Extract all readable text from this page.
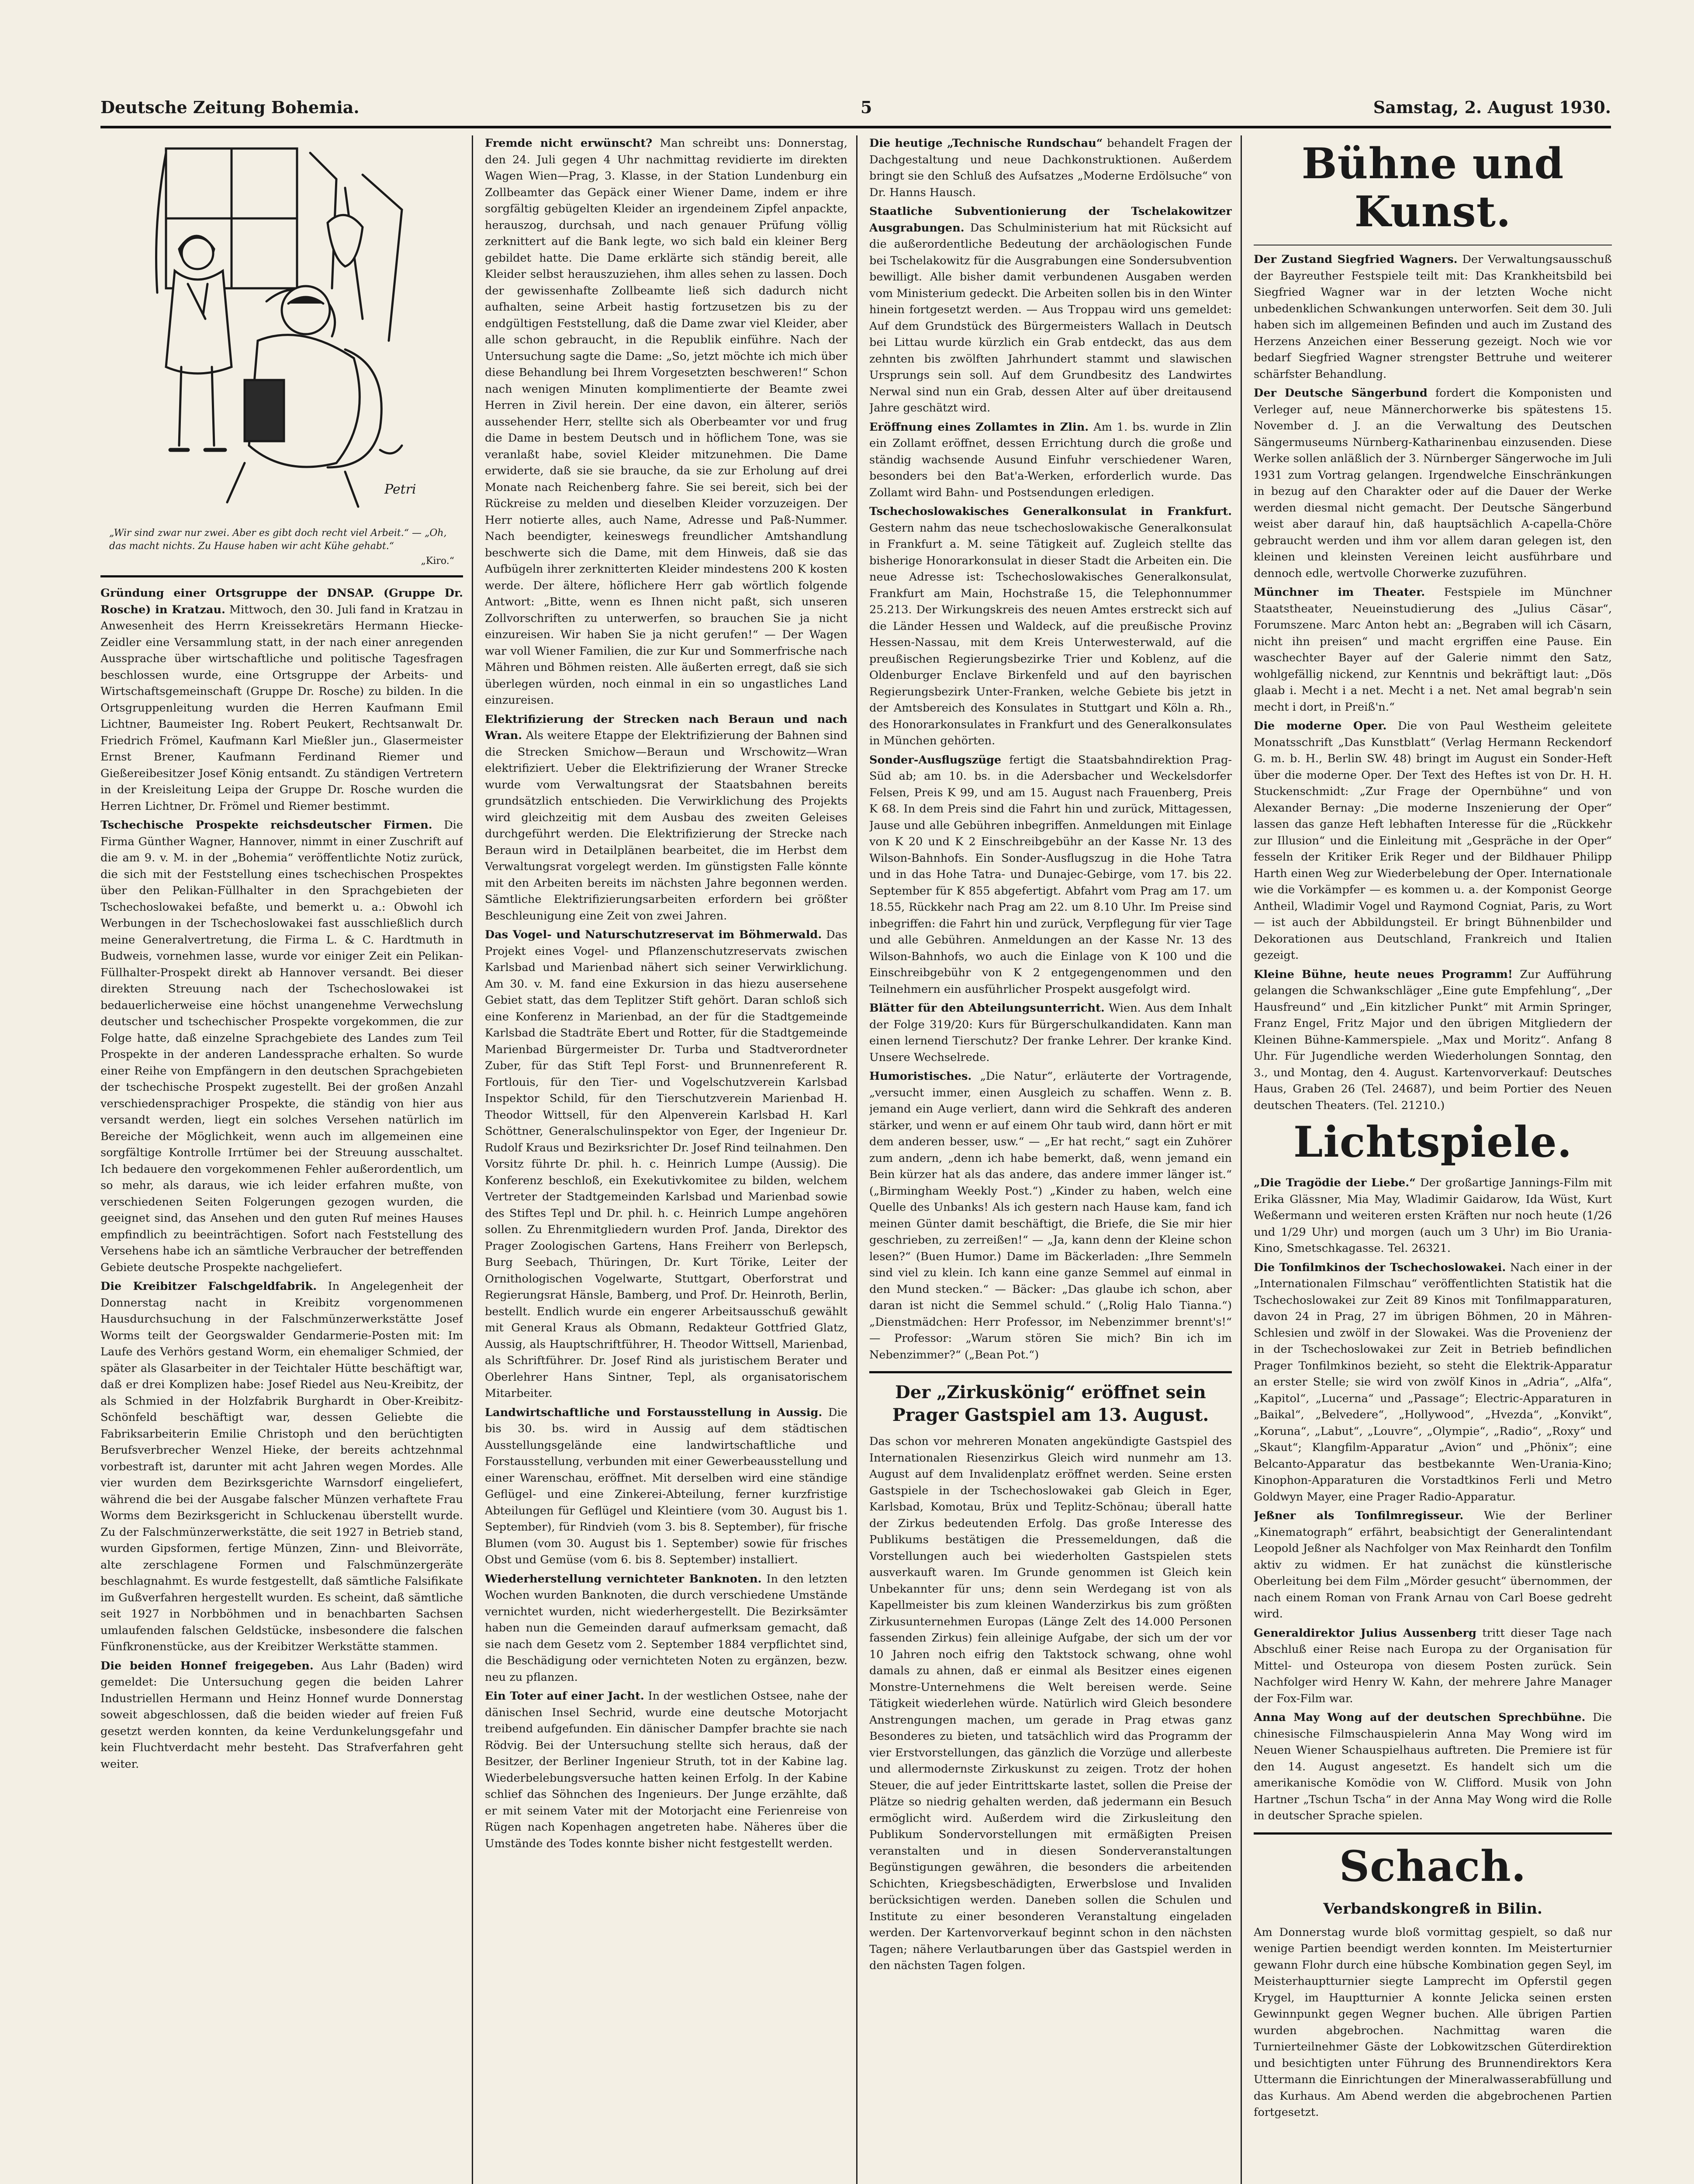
Deutsche Zeitung Bohemia.	5	Samstag, 2. August 1930.
Petri
„Wir sind zwar nur zwei. Aber es gibt doch recht viel Arbeit.“ — „Oh, das macht nichts. Zu Hause haben wir acht Kühe gehabt.“
„Kiro.“

Gründung einer Ortsgruppe der DNSAP. (Gruppe Dr. Rosche) in Kratzau. Mittwoch, den 30. Juli fand in Kratzau in Anwesenheit des Herrn Kreissekretärs Hermann Hiecke-Zeidler eine Versammlung statt, in der nach einer anregenden Aussprache über wirtschaftliche und politische Tagesfragen beschlossen wurde, eine Ortsgruppe der Arbeits- und Wirtschaftsgemeinschaft (Gruppe Dr. Rosche) zu bilden. In die Ortsgruppenleitung wurden die Herren Kaufmann Emil Lichtner, Baumeister Ing. Robert Peukert, Rechtsanwalt Dr. Friedrich Frömel, Kaufmann Karl Mießler jun., Glasermeister Ernst Brener, Kaufmann Ferdinand Riemer und Gießereibesitzer Josef König entsandt. Zu ständigen Vertretern in der Kreisleitung Leipa der Gruppe Dr. Rosche wurden die Herren Lichtner, Dr. Frömel und Riemer bestimmt.

Tschechische Prospekte reichsdeutscher Firmen. Die Firma Günther Wagner, Hannover, nimmt in einer Zuschrift auf die am 9. v. M. in der „Bohemia“ veröffentlichte Notiz zurück, die sich mit der Feststellung eines tschechischen Prospektes über den Pelikan-Füllhalter in den Sprachgebieten der Tschechoslowakei befaßte, und bemerkt u. a.: Obwohl ich Werbungen in der Tschechoslowakei fast ausschließlich durch meine Generalvertretung, die Firma L. & C. Hardtmuth in Budweis, vornehmen lasse, wurde vor einiger Zeit ein Pelikan-Füllhalter-Prospekt direkt ab Hannover versandt. Bei dieser direkten Streuung nach der Tschechoslowakei ist bedauerlicherweise eine höchst unangenehme Verwechslung deutscher und tschechischer Prospekte vorgekommen, die zur Folge hatte, daß einzelne Sprachgebiete des Landes zum Teil Prospekte in der anderen Landessprache erhalten. So wurde einer Reihe von Empfängern in den deutschen Sprachgebieten der tschechische Prospekt zugestellt. Bei der großen Anzahl verschiedensprachiger Prospekte, die ständig von hier aus versandt werden, liegt ein solches Versehen natürlich im Bereiche der Möglichkeit, wenn auch im allgemeinen eine sorgfältige Kontrolle Irrtümer bei der Streuung ausschaltet. Ich bedauere den vorgekommenen Fehler außerordentlich, um so mehr, als daraus, wie ich leider erfahren mußte, von verschiedenen Seiten Folgerungen gezogen wurden, die geeignet sind, das Ansehen und den guten Ruf meines Hauses empfindlich zu beeinträchtigen. Sofort nach Feststellung des Versehens habe ich an sämtliche Verbraucher der betreffenden Gebiete deutsche Prospekte nachgeliefert.

Die Kreibitzer Falschgeldfabrik. In Angelegenheit der Donnerstag nacht in Kreibitz vorgenommenen Hausdurchsuchung in der Falschmünzerwerkstätte Josef Worms teilt der Georgswalder Gendarmerie-Posten mit: Im Laufe des Verhörs gestand Worm, ein ehemaliger Schmied, der später als Glasarbeiter in der Teichtaler Hütte beschäftigt war, daß er drei Komplizen habe: Josef Riedel aus Neu-Kreibitz, der als Schmied in der Holzfabrik Burghardt in Ober-Kreibitz-Schönfeld beschäftigt war, dessen Geliebte die Fabriksarbeiterin Emilie Christoph und den berüchtigten Berufsverbrecher Wenzel Hieke, der bereits achtzehnmal vorbestraft ist, darunter mit acht Jahren wegen Mordes. Alle vier wurden dem Bezirksgerichte Warnsdorf eingeliefert, während die bei der Ausgabe falscher Münzen verhaftete Frau Worms dem Bezirksgericht in Schluckenau überstellt wurde. Zu der Falschmünzerwerkstätte, die seit 1927 in Betrieb stand, wurden Gipsformen, fertige Münzen, Zinn- und Bleivorräte, alte zerschlagene Formen und Falschmünzergeräte beschlagnahmt. Es wurde festgestellt, daß sämtliche Falsifikate im Gußverfahren hergestellt wurden. Es scheint, daß sämtliche seit 1927 in Norbböhmen und in benachbarten Sachsen umlaufenden falschen Geldstücke, insbesondere die falschen Fünfkronenstücke, aus der Kreibitzer Werkstätte stammen.

Die beiden Honnef freigegeben. Aus Lahr (Baden) wird gemeldet: Die Untersuchung gegen die beiden Lahrer Industriellen Hermann und Heinz Honnef wurde Donnerstag soweit abgeschlossen, daß die beiden wieder auf freien Fuß gesetzt werden konnten, da keine Verdunkelungsgefahr und kein Fluchtverdacht mehr besteht. Das Strafverfahren geht weiter.

Fremde nicht erwünscht? Man schreibt uns: Donnerstag, den 24. Juli gegen 4 Uhr nachmittag revidierte im direkten Wagen Wien—Prag, 3. Klasse, in der Station Lundenburg ein Zollbeamter das Gepäck einer Wiener Dame, indem er ihre sorgfältig gebügelten Kleider an irgendeinem Zipfel anpackte, herauszog, durchsah, und nach genauer Prüfung völlig zerknittert auf die Bank legte, wo sich bald ein kleiner Berg gebildet hatte. Die Dame erklärte sich ständig bereit, alle Kleider selbst herauszuziehen, ihm alles sehen zu lassen. Doch der gewissenhafte Zollbeamte ließ sich dadurch nicht aufhalten, seine Arbeit hastig fortzusetzen bis zu der endgültigen Feststellung, daß die Dame zwar viel Kleider, aber alle schon gebraucht, in die Republik einführe. Nach der Untersuchung sagte die Dame: „So, jetzt möchte ich mich über diese Behandlung bei Ihrem Vorgesetzten beschweren!“ Schon nach wenigen Minuten komplimentierte der Beamte zwei Herren in Zivil herein. Der eine davon, ein älterer, seriös aussehender Herr, stellte sich als Oberbeamter vor und frug die Dame in bestem Deutsch und in höflichem Tone, was sie veranlaßt habe, soviel Kleider mitzunehmen. Die Dame erwiderte, daß sie sie brauche, da sie zur Erholung auf drei Monate nach Reichenberg fahre. Sie sei bereit, sich bei der Rückreise zu melden und dieselben Kleider vorzuzeigen. Der Herr notierte alles, auch Name, Adresse und Paß-Nummer. Nach beendigter, keineswegs freundlicher Amtshandlung beschwerte sich die Dame, mit dem Hinweis, daß sie das Aufbügeln ihrer zerknitterten Kleider mindestens 200 K kosten werde. Der ältere, höflichere Herr gab wörtlich folgende Antwort: „Bitte, wenn es Ihnen nicht paßt, sich unseren Zollvorschriften zu unterwerfen, so brauchen Sie ja nicht einzureisen. Wir haben Sie ja nicht gerufen!“ — Der Wagen war voll Wiener Familien, die zur Kur und Sommerfrische nach Mähren und Böhmen reisten. Alle äußerten erregt, daß sie sich überlegen würden, noch einmal in ein so ungastliches Land einzureisen.

Elektrifizierung der Strecken nach Beraun und nach Wran. Als weitere Etappe der Elektrifizierung der Bahnen sind die Strecken Smichow—Beraun und Wrschowitz—Wran elektrifiziert. Ueber die Elektrifizierung der Wraner Strecke wurde vom Verwaltungsrat der Staatsbahnen bereits grundsätzlich entschieden. Die Verwirklichung des Projekts wird gleichzeitig mit dem Ausbau des zweiten Geleises durchgeführt werden. Die Elektrifizierung der Strecke nach Beraun wird in Detailplänen bearbeitet, die im Herbst dem Verwaltungsrat vorgelegt werden. Im günstigsten Falle könnte mit den Arbeiten bereits im nächsten Jahre begonnen werden. Sämtliche Elektrifizierungsarbeiten erfordern bei größter Beschleunigung eine Zeit von zwei Jahren.

Das Vogel- und Naturschutzreservat im Böhmerwald. Das Projekt eines Vogel- und Pflanzenschutzreservats zwischen Karlsbad und Marienbad nähert sich seiner Verwirklichung. Am 30. v. M. fand eine Exkursion in das hiezu ausersehene Gebiet statt, das dem Teplitzer Stift gehört. Daran schloß sich eine Konferenz in Marienbad, an der für die Stadtgemeinde Karlsbad die Stadträte Ebert und Rotter, für die Stadtgemeinde Marienbad Bürgermeister Dr. Turba und Stadtverordneter Zuber, für das Stift Tepl Forst- und Brunnenreferent R. Fortlouis, für den Tier- und Vogelschutzverein Karlsbad Inspektor Schild, für den Tierschutzverein Marienbad H. Theodor Wittsell, für den Alpenverein Karlsbad H. Karl Schöttner, Generalschulinspektor von Eger, der Ingenieur Dr. Rudolf Kraus und Bezirksrichter Dr. Josef Rind teilnahmen. Den Vorsitz führte Dr. phil. h. c. Heinrich Lumpe (Aussig). Die Konferenz beschloß, ein Exekutivkomitee zu bilden, welchem Vertreter der Stadtgemeinden Karlsbad und Marienbad sowie des Stiftes Tepl und Dr. phil. h. c. Heinrich Lumpe angehören sollen. Zu Ehrenmitgliedern wurden Prof. Janda, Direktor des Prager Zoologischen Gartens, Hans Freiherr von Berlepsch, Burg Seebach, Thüringen, Dr. Kurt Törike, Leiter der Ornithologischen Vogelwarte, Stuttgart, Oberforstrat und Regierungsrat Hänsle, Bamberg, und Prof. Dr. Heinroth, Berlin, bestellt. Endlich wurde ein engerer Arbeitsausschuß gewählt mit General Kraus als Obmann, Redakteur Gottfried Glatz, Aussig, als Hauptschriftführer, H. Theodor Wittsell, Marienbad, als Schriftführer. Dr. Josef Rind als juristischem Berater und Oberlehrer Hans Sintner, Tepl, als organisatorischem Mitarbeiter.

Landwirtschaftliche und Forstausstellung in Aussig. Die bis 30. bs. wird in Aussig auf dem städtischen Ausstellungsgelände eine landwirtschaftliche und Forstausstellung, verbunden mit einer Gewerbeausstellung und einer Warenschau, eröffnet. Mit derselben wird eine ständige Geflügel- und eine Zinkerei-Abteilung, ferner kurzfristige Abteilungen für Geflügel und Kleintiere (vom 30. August bis 1. September), für Rindvieh (vom 3. bis 8. September), für frische Blumen (vom 30. August bis 1. September) sowie für frisches Obst und Gemüse (vom 6. bis 8. September) installiert.

Wiederherstellung vernichteter Banknoten. In den letzten Wochen wurden Banknoten, die durch verschiedene Umstände vernichtet wurden, nicht wiederhergestellt. Die Bezirksämter haben nun die Gemeinden darauf aufmerksam gemacht, daß sie nach dem Gesetz vom 2. September 1884 verpflichtet sind, die Beschädigung oder vernichteten Noten zu ergänzen, bezw. neu zu pflanzen.

Ein Toter auf einer Jacht. In der westlichen Ostsee, nahe der dänischen Insel Sechrid, wurde eine deutsche Motorjacht treibend aufgefunden. Ein dänischer Dampfer brachte sie nach Rödvig. Bei der Untersuchung stellte sich heraus, daß der Besitzer, der Berliner Ingenieur Struth, tot in der Kabine lag. Wiederbelebungsversuche hatten keinen Erfolg. In der Kabine schlief das Söhnchen des Ingenieurs. Der Junge erzählte, daß er mit seinem Vater mit der Motorjacht eine Ferienreise von Rügen nach Kopenhagen angetreten habe. Näheres über die Umstände des Todes konnte bisher nicht festgestellt werden.

Die heutige „Technische Rundschau“ behandelt Fragen der Dachgestaltung und neue Dachkonstruktionen. Außerdem bringt sie den Schluß des Aufsatzes „Moderne Erdölsuche“ von Dr. Hanns Hausch.

Staatliche Subventionierung der Tschelakowitzer Ausgrabungen. Das Schulministerium hat mit Rücksicht auf die außerordentliche Bedeutung der archäologischen Funde bei Tschelakowitz für die Ausgrabungen eine Sondersubvention bewilligt. Alle bisher damit verbundenen Ausgaben werden vom Ministerium gedeckt. Die Arbeiten sollen bis in den Winter hinein fortgesetzt werden. — Aus Troppau wird uns gemeldet: Auf dem Grundstück des Bürgermeisters Wallach in Deutsch bei Littau wurde kürzlich ein Grab entdeckt, das aus dem zehnten bis zwölften Jahrhundert stammt und slawischen Ursprungs sein soll. Auf dem Grundbesitz des Landwirtes Nerwal sind nun ein Grab, dessen Alter auf über dreitausend Jahre geschätzt wird.

Eröffnung eines Zollamtes in Zlin. Am 1. bs. wurde in Zlin ein Zollamt eröffnet, dessen Errichtung durch die große und ständig wachsende Ausund Einfuhr verschiedener Waren, besonders bei den Bat'a-Werken, erforderlich wurde. Das Zollamt wird Bahn- und Postsendungen erledigen.

Tschechoslowakisches Generalkonsulat in Frankfurt. Gestern nahm das neue tschechoslowakische Generalkonsulat in Frankfurt a. M. seine Tätigkeit auf. Zugleich stellte das bisherige Honorarkonsulat in dieser Stadt die Arbeiten ein. Die neue Adresse ist: Tschechoslowakisches Generalkonsulat, Frankfurt am Main, Hochstraße 15, die Telephonnummer 25.213. Der Wirkungskreis des neuen Amtes erstreckt sich auf die Länder Hessen und Waldeck, auf die preußische Provinz Hessen-Nassau, mit dem Kreis Unterwesterwald, auf die preußischen Regierungsbezirke Trier und Koblenz, auf die Oldenburger Enclave Birkenfeld und auf den bayrischen Regierungsbezirk Unter-Franken, welche Gebiete bis jetzt in der Amtsbereich des Konsulates in Stuttgart und Köln a. Rh., des Honorarkonsulates in Frankfurt und des Generalkonsulates in München gehörten.

Sonder-Ausflugszüge fertigt die Staatsbahndirektion Prag-Süd ab; am 10. bs. in die Adersbacher und Weckelsdorfer Felsen, Preis K 99, und am 15. August nach Frauenberg, Preis K 68. In dem Preis sind die Fahrt hin und zurück, Mittagessen, Jause und alle Gebühren inbegriffen. Anmeldungen mit Einlage von K 20 und K 2 Einschreibgebühr an der Kasse Nr. 13 des Wilson-Bahnhofs. Ein Sonder-Ausflugszug in die Hohe Tatra und in das Hohe Tatra- und Dunajec-Gebirge, vom 17. bis 22. September für K 855 abgefertigt. Abfahrt vom Prag am 17. um 18.55, Rückkehr nach Prag am 22. um 8.10 Uhr. Im Preise sind inbegriffen: die Fahrt hin und zurück, Verpflegung für vier Tage und alle Gebühren. Anmeldungen an der Kasse Nr. 13 des Wilson-Bahnhofs, wo auch die Einlage von K 100 und die Einschreibgebühr von K 2 entgegengenommen und den Teilnehmern ein ausführlicher Prospekt ausgefolgt wird.

Blätter für den Abteilungsunterricht. Wien. Aus dem Inhalt der Folge 319/20: Kurs für Bürgerschulkandidaten. Kann man einen lernend Tierschutz? Der franke Lehrer. Der kranke Kind. Unsere Wechselrede.

Humoristisches. „Die Natur“, erläuterte der Vortragende, „versucht immer, einen Ausgleich zu schaffen. Wenn z. B. jemand ein Auge verliert, dann wird die Sehkraft des anderen stärker, und wenn er auf einem Ohr taub wird, dann hört er mit dem anderen besser, usw.“ — „Er hat recht,“ sagt ein Zuhörer zum andern, „denn ich habe bemerkt, daß, wenn jemand ein Bein kürzer hat als das andere, das andere immer länger ist.“ („Birmingham Weekly Post.“) „Kinder zu haben, welch eine Quelle des Unbanks! Als ich gestern nach Hause kam, fand ich meinen Günter damit beschäftigt, die Briefe, die Sie mir hier geschrieben, zu zerreißen!“ — „Ja, kann denn der Kleine schon lesen?“ (Buen Humor.) Dame im Bäckerladen: „Ihre Semmeln sind viel zu klein. Ich kann eine ganze Semmel auf einmal in den Mund stecken.“ — Bäcker: „Das glaube ich schon, aber daran ist nicht die Semmel schuld.“ („Rolig Halo Tianna.“) „Dienstmädchen: Herr Professor, im Nebenzimmer brennt's!“ — Professor: „Warum stören Sie mich? Bin ich im Nebenzimmer?“ („Bean Pot.“)

Der „Zirkuskönig“ eröffnet sein Prager Gastspiel am 13. August.

Das schon vor mehreren Monaten angekündigte Gastspiel des Internationalen Riesenzirkus Gleich wird nunmehr am 13. August auf dem Invalidenplatz eröffnet werden. Seine ersten Gastspiele in der Tschechoslowakei gab Gleich in Eger, Karlsbad, Komotau, Brüx und Teplitz-Schönau; überall hatte der Zirkus bedeutenden Erfolg. Das große Interesse des Publikums bestätigen die Pressemeldungen, daß die Vorstellungen auch bei wiederholten Gastspielen stets ausverkauft waren. Im Grunde genommen ist Gleich kein Unbekannter für uns; denn sein Werdegang ist von als Kapellmeister bis zum kleinen Wanderzirkus bis zum größten Zirkusunternehmen Europas (Länge Zelt des 14.000 Personen fassenden Zirkus) fein alleinige Aufgabe, der sich um der vor 10 Jahren noch eifrig den Taktstock schwang, ohne wohl damals zu ahnen, daß er einmal als Besitzer eines eigenen Monstre-Unternehmens die Welt bereisen werde. Seine Tätigkeit wiederlehen würde. Natürlich wird Gleich besondere Anstrengungen machen, um gerade in Prag etwas ganz Besonderes zu bieten, und tatsächlich wird das Programm der vier Erstvorstellungen, das gänzlich die Vorzüge und allerbeste und allermodernste Zirkuskunst zu zeigen. Trotz der hohen Steuer, die auf jeder Eintrittskarte lastet, sollen die Preise der Plätze so niedrig gehalten werden, daß jedermann ein Besuch ermöglicht wird. Außerdem wird die Zirkusleitung den Publikum Sondervorstellungen mit ermäßigten Preisen veranstalten und in diesen Sonderveranstaltungen Begünstigungen gewähren, die besonders die arbeitenden Schichten, Kriegsbeschädigten, Erwerbslose und Invaliden berücksichtigen werden. Daneben sollen die Schulen und Institute zu einer besonderen Veranstaltung eingeladen werden. Der Kartenvorverkauf beginnt schon in den nächsten Tagen; nähere Verlautbarungen über das Gastspiel werden in den nächsten Tagen folgen.

Bühne und Kunst.

Der Zustand Siegfried Wagners. Der Verwaltungsausschuß der Bayreuther Festspiele teilt mit: Das Krankheitsbild bei Siegfried Wagner war in der letzten Woche nicht unbedenklichen Schwankungen unterworfen. Seit dem 30. Juli haben sich im allgemeinen Befinden und auch im Zustand des Herzens Anzeichen einer Besserung gezeigt. Noch wie vor bedarf Siegfried Wagner strengster Bettruhe und weiterer schärfster Behandlung.

Der Deutsche Sängerbund fordert die Komponisten und Verleger auf, neue Männerchorwerke bis spätestens 15. November d. J. an die Verwaltung des Deutschen Sängermuseums Nürnberg-Katharinenbau einzusenden. Diese Werke sollen anläßlich der 3. Nürnberger Sängerwoche im Juli 1931 zum Vortrag gelangen. Irgendwelche Einschränkungen in bezug auf den Charakter oder auf die Dauer der Werke werden diesmal nicht gemacht. Der Deutsche Sängerbund weist aber darauf hin, daß hauptsächlich A-capella-Chöre gebraucht werden und ihm vor allem daran gelegen ist, den kleinen und kleinsten Vereinen leicht ausführbare und dennoch edle, wertvolle Chorwerke zuzuführen.

Münchner im Theater. Festspiele im Münchner Staatstheater, Neueinstudierung des „Julius Cäsar“, Forumszene. Marc Anton hebt an: „Begraben will ich Cäsarn, nicht ihn preisen“ und macht ergriffen eine Pause. Ein waschechter Bayer auf der Galerie nimmt den Satz, wohlgefällig nickend, zur Kenntnis und bekräftigt laut: „Dös glaab i. Mecht i a net. Mecht i a net. Net amal begrab'n sein mecht i dort, in Preiß'n.“

Die moderne Oper. Die von Paul Westheim geleitete Monatsschrift „Das Kunstblatt“ (Verlag Hermann Reckendorf G. m. b. H., Berlin SW. 48) bringt im August ein Sonder-Heft über die moderne Oper. Der Text des Heftes ist von Dr. H. H. Stuckenschmidt: „Zur Frage der Opernbühne“ und von Alexander Bernay: „Die moderne Inszenierung der Oper“ lassen das ganze Heft lebhaften Interesse für die „Rückkehr zur Illusion“ und die Einleitung mit „Gespräche in der Oper“ fesseln der Kritiker Erik Reger und der Bildhauer Philipp Harth einen Weg zur Wiederbelebung der Oper. Internationale wie die Vorkämpfer — es kommen u. a. der Komponist George Antheil, Wladimir Vogel und Raymond Cogniat, Paris, zu Wort — ist auch der Abbildungsteil. Er bringt Bühnenbilder und Dekorationen aus Deutschland, Frankreich und Italien gezeigt.

Kleine Bühne, heute neues Programm! Zur Aufführung gelangen die Schwankschläger „Eine gute Empfehlung“, „Der Hausfreund“ und „Ein kitzlicher Punkt“ mit Armin Springer, Franz Engel, Fritz Major und den übrigen Mitgliedern der Kleinen Bühne-Kammerspiele. „Max und Moritz“. Anfang 8 Uhr. Für Jugendliche werden Wiederholungen Sonntag, den 3., und Montag, den 4. August. Kartenvorverkauf: Deutsches Haus, Graben 26 (Tel. 24687), und beim Portier des Neuen deutschen Theaters. (Tel. 21210.)

Lichtspiele.

„Die Tragödie der Liebe.“ Der großartige Jannings-Film mit Erika Glässner, Mia May, Wladimir Gaidarow, Ida Wüst, Kurt Weßermann und weiteren ersten Kräften nur noch heute (1/26 und 1/29 Uhr) und morgen (auch um 3 Uhr) im Bio Urania-Kino, Smetschkagasse. Tel. 26321.

Die Tonfilmkinos der Tschechoslowakei. Nach einer in der „Internationalen Filmschau“ veröffentlichten Statistik hat die Tschechoslowakei zur Zeit 89 Kinos mit Tonfilmapparaturen, davon 24 in Prag, 27 im übrigen Böhmen, 20 in Mähren-Schlesien und zwölf in der Slowakei. Was die Provenienz der in der Tschechoslowakei zur Zeit in Betrieb befindlichen Prager Tonfilmkinos bezieht, so steht die Elektrik-Apparatur an erster Stelle; sie wird von zwölf Kinos in „Adria“, „Alfa“, „Kapitol“, „Lucerna“ und „Passage“; Electric-Apparaturen in „Baikal“, „Belvedere“, „Hollywood“, „Hvezda“, „Konvikt“, „Koruna“, „Labut“, „Louvre“, „Olympie“, „Radio“, „Roxy“ und „Skaut“; Klangfilm-Apparatur „Avion“ und „Phönix“; eine Belcanto-Apparatur das bestbekannte Wen-Urania-Kino; Kinophon-Apparaturen die Vorstadtkinos Ferli und Metro Goldwyn Mayer, eine Prager Radio-Apparatur.

Jeßner als Tonfilmregisseur. Wie der Berliner „Kinematograph“ erfährt, beabsichtigt der Generalintendant Leopold Jeßner als Nachfolger von Max Reinhardt den Tonfilm aktiv zu widmen. Er hat zunächst die künstlerische Oberleitung bei dem Film „Mörder gesucht“ übernommen, der nach einem Roman von Frank Arnau von Carl Boese gedreht wird.

Generaldirektor Julius Aussenberg tritt dieser Tage nach Abschluß einer Reise nach Europa zu der Organisation für Mittel- und Osteuropa von diesem Posten zurück. Sein Nachfolger wird Henry W. Kahn, der mehrere Jahre Manager der Fox-Film war.

Anna May Wong auf der deutschen Sprechbühne. Die chinesische Filmschauspielerin Anna May Wong wird im Neuen Wiener Schauspielhaus auftreten. Die Premiere ist für den 14. August angesetzt. Es handelt sich um die amerikanische Komödie von W. Clifford. Musik von John Hartner „Tschun Tscha“ in der Anna May Wong wird die Rolle in deutscher Sprache spielen.

Schach.
Verbandskongreß in Bilin.

Am Donnerstag wurde bloß vormittag gespielt, so daß nur wenige Partien beendigt werden konnten. Im Meisterturnier gewann Flohr durch eine hübsche Kombination gegen Seyl, im Meisterhauptturnier siegte Lamprecht im Opferstil gegen Krygel, im Hauptturnier A konnte Jelicka seinen ersten Gewinnpunkt gegen Wegner buchen. Alle übrigen Partien wurden abgebrochen. Nachmittag waren die Turnierteilnehmer Gäste der Lobkowitzschen Güterdirektion und besichtigten unter Führung des Brunnendirektors Kera Uttermann die Einrichtungen der Mineralwasserabfüllung und das Kurhaus. Am Abend werden die abgebrochenen Partien fortgesetzt.
